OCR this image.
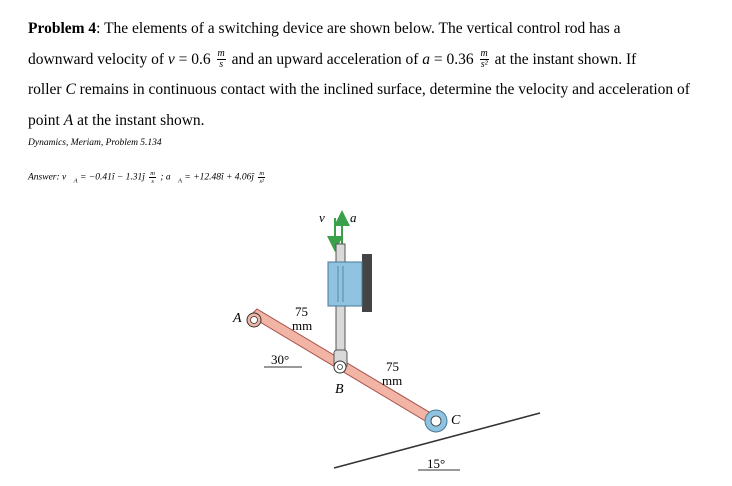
Problem 4: The elements of a switching device are shown below. The vertical control rod has a
downward velocity of $v = 0.6 \frac{m}{s}$ and an upward acceleration of $a = 0.36 \frac{m}{\text{s²}}$ at the instant shown. If
roller C remains in continuous contact with the inclined surface, determine the velocity and acceleration of
point A at the instant shown.
Dynamics, Meriam, Problem 5.134
Answer: $v⃗_A$ = −0.41î − 1.31ĵ $\frac{m}{s}$ ; $a⃗_A$ = +12.48î + 4.06ĵ $\frac{m}{\text{s²}}$
v a
A	75
mm
30°	75
mm
B
C
15°
